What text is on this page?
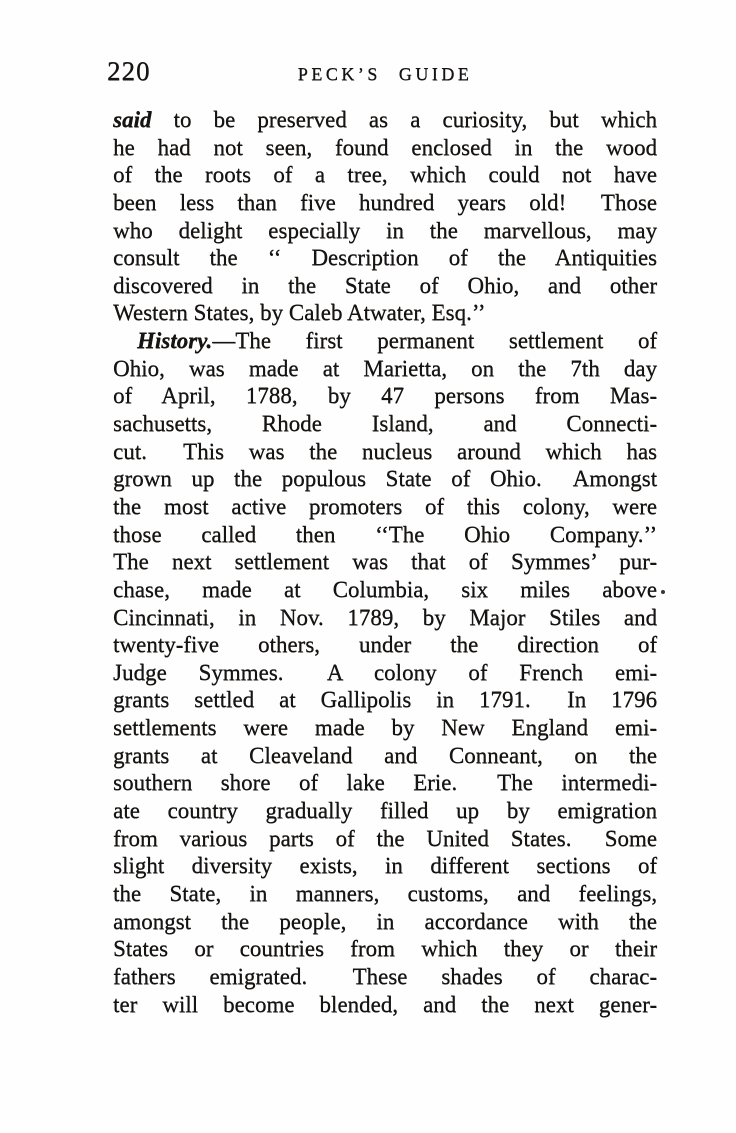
220	PECK’S GUIDE
said to be preserved as a curiosity, but which
he had not seen, found enclosed in the wood
of the roots of a tree, which could not have
been less than five hundred years old!  Those
who delight especially in the marvellous, may
consult the ‘‘ Description of the Antiquities
discovered in the State of Ohio, and other
Western States, by Caleb Atwater, Esq.’’
History.—The first permanent settlement of
Ohio, was made at Marietta, on the 7th day
of April, 1788, by 47 persons from Mas-
sachusetts, Rhode Island, and Connecti-
cut.  This was the nucleus around which has
grown up the populous State of Ohio.  Amongst
the most active promoters of this colony, were
those called then ‘‘The Ohio Company.’’
The next settlement was that of Symmes’ pur-
chase, made at Columbia, six miles above
Cincinnati, in Nov. 1789, by Major Stiles and
twenty-five others, under the direction of
Judge Symmes.  A colony of French emi-
grants settled at Gallipolis in 1791.  In 1796
settlements were made by New England emi-
grants at Cleaveland and Conneant, on the
southern shore of lake Erie.  The intermedi-
ate country gradually filled up by emigration
from various parts of the United States.  Some
slight diversity exists, in different sections of
the State, in manners, customs, and feelings,
amongst the people, in accordance with the
States or countries from which they or their
fathers emigrated.  These shades of charac-
ter will become blended, and the next gener-
